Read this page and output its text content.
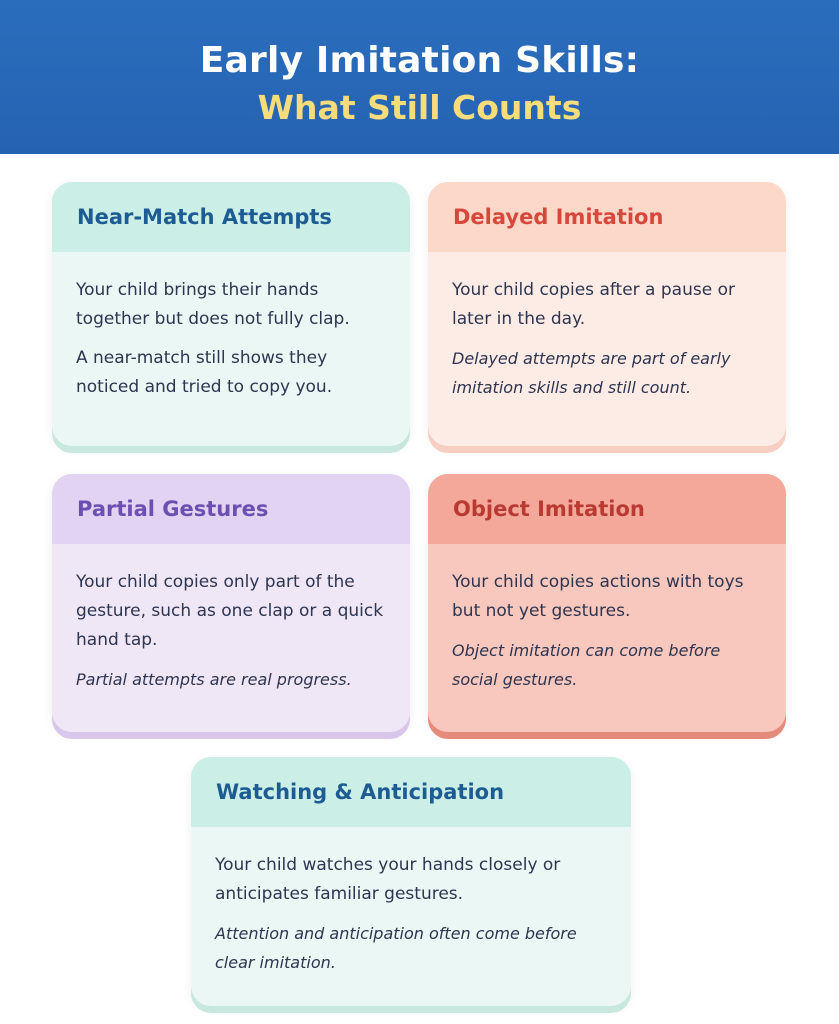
Early Imitation Skills:
What Still Counts
Near-Match Attempts

Your child brings their hands together but does not fully clap.

A near-match still shows they noticed and tried to copy you.

Delayed Imitation

Your child copies after a pause or later in the day.

Delayed attempts are part of early imitation skills and still count.

Partial Gestures

Your child copies only part of the gesture, such as one clap or a quick hand tap.

Partial attempts are real progress.

Object Imitation

Your child copies actions with toys but not yet gestures.

Object imitation can come before social gestures.

Watching & Anticipation

Your child watches your hands closely or anticipates familiar gestures.

Attention and anticipation often come before clear imitation.
